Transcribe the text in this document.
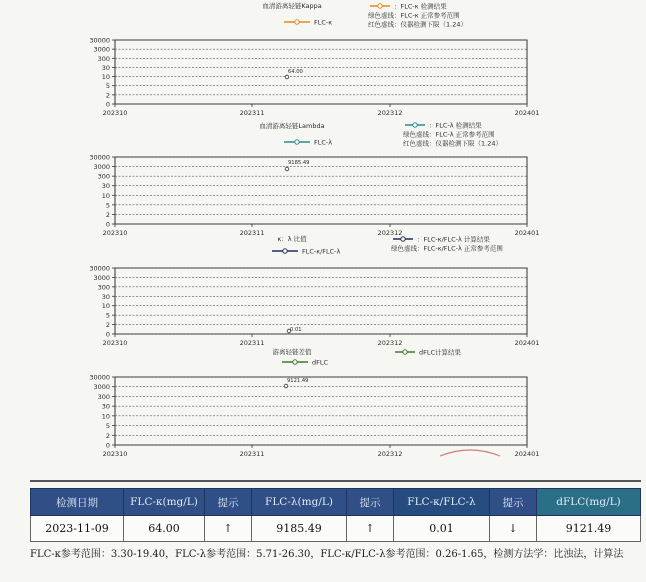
血清游离轻链Kappa
FLC-κ
：FLC-κ 检测结果
绿色虚线：FLC-κ 正常参考范围
红色虚线：仪器检测下限（1.24）
30000
3000
300
30
10
5
2
0
202310	202311	202312	202401
64.00
血清游离轻链Lambda
FLC-λ
：FLC-λ 检测结果
绿色虚线：FLC-λ 正常参考范围
红色虚线：仪器检测下限（1.24）
30000
3000
300
30
10
5
2
0
202310	202311	202312	202401
9185.49
κ：λ 比值
FLC-κ/FLC-λ
：FLC-κ/FLC-λ 计算结果
绿色虚线：FLC-κ/FLC-λ 正常参考范围
30000
3000
300
30
10
5
2
0
202310	202311	202312	202401
0.01
游离轻链差值
dFLC
dFLC计算结果
30000
3000
300
30
10
5
2
0
202310	202311	202312	202401
9121.49
检测日期	FLC-κ(mg/L)	提示	FLC-λ(mg/L)	提示	FLC-κ/FLC-λ	提示	dFLC(mg/L)
2023-11-09	64.00	↑	9185.49	↑	0.01	↓	9121.49
FLC-κ参考范围：3.30-19.40，FLC-λ参考范围：5.71-26.30，FLC-κ/FLC-λ参考范围：0.26-1.65，检测方法学：比浊法，计算法
